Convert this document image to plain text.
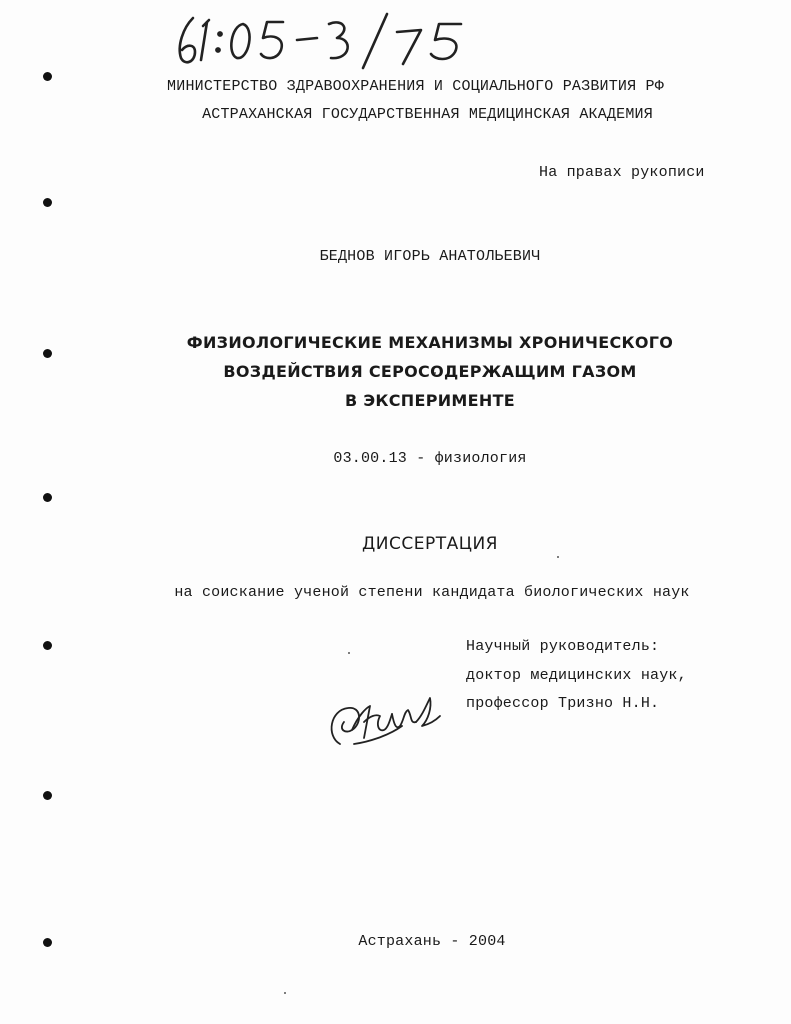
МИНИСТЕРСТВО ЗДРАВООХРАНЕНИЯ И СОЦИАЛЬНОГО РАЗВИТИЯ РФ
АСТРАХАНСКАЯ ГОСУДАРСТВЕННАЯ МЕДИЦИНСКАЯ АКАДЕМИЯ
На правах рукописи
БЕДНОВ ИГОРЬ АНАТОЛЬЕВИЧ
ФИЗИОЛОГИЧЕСКИЕ МЕХАНИЗМЫ ХРОНИЧЕСКОГО
ВОЗДЕЙСТВИЯ СЕРОСОДЕРЖАЩИМ ГАЗОМ
В ЭКСПЕРИМЕНТЕ
03.00.13 - физиология
ДИССЕРТАЦИЯ
на соискание ученой степени кандидата биологических наук
Научный руководитель:
доктор медицинских наук,
профессор Тризно Н.Н.
Астрахань - 2004
